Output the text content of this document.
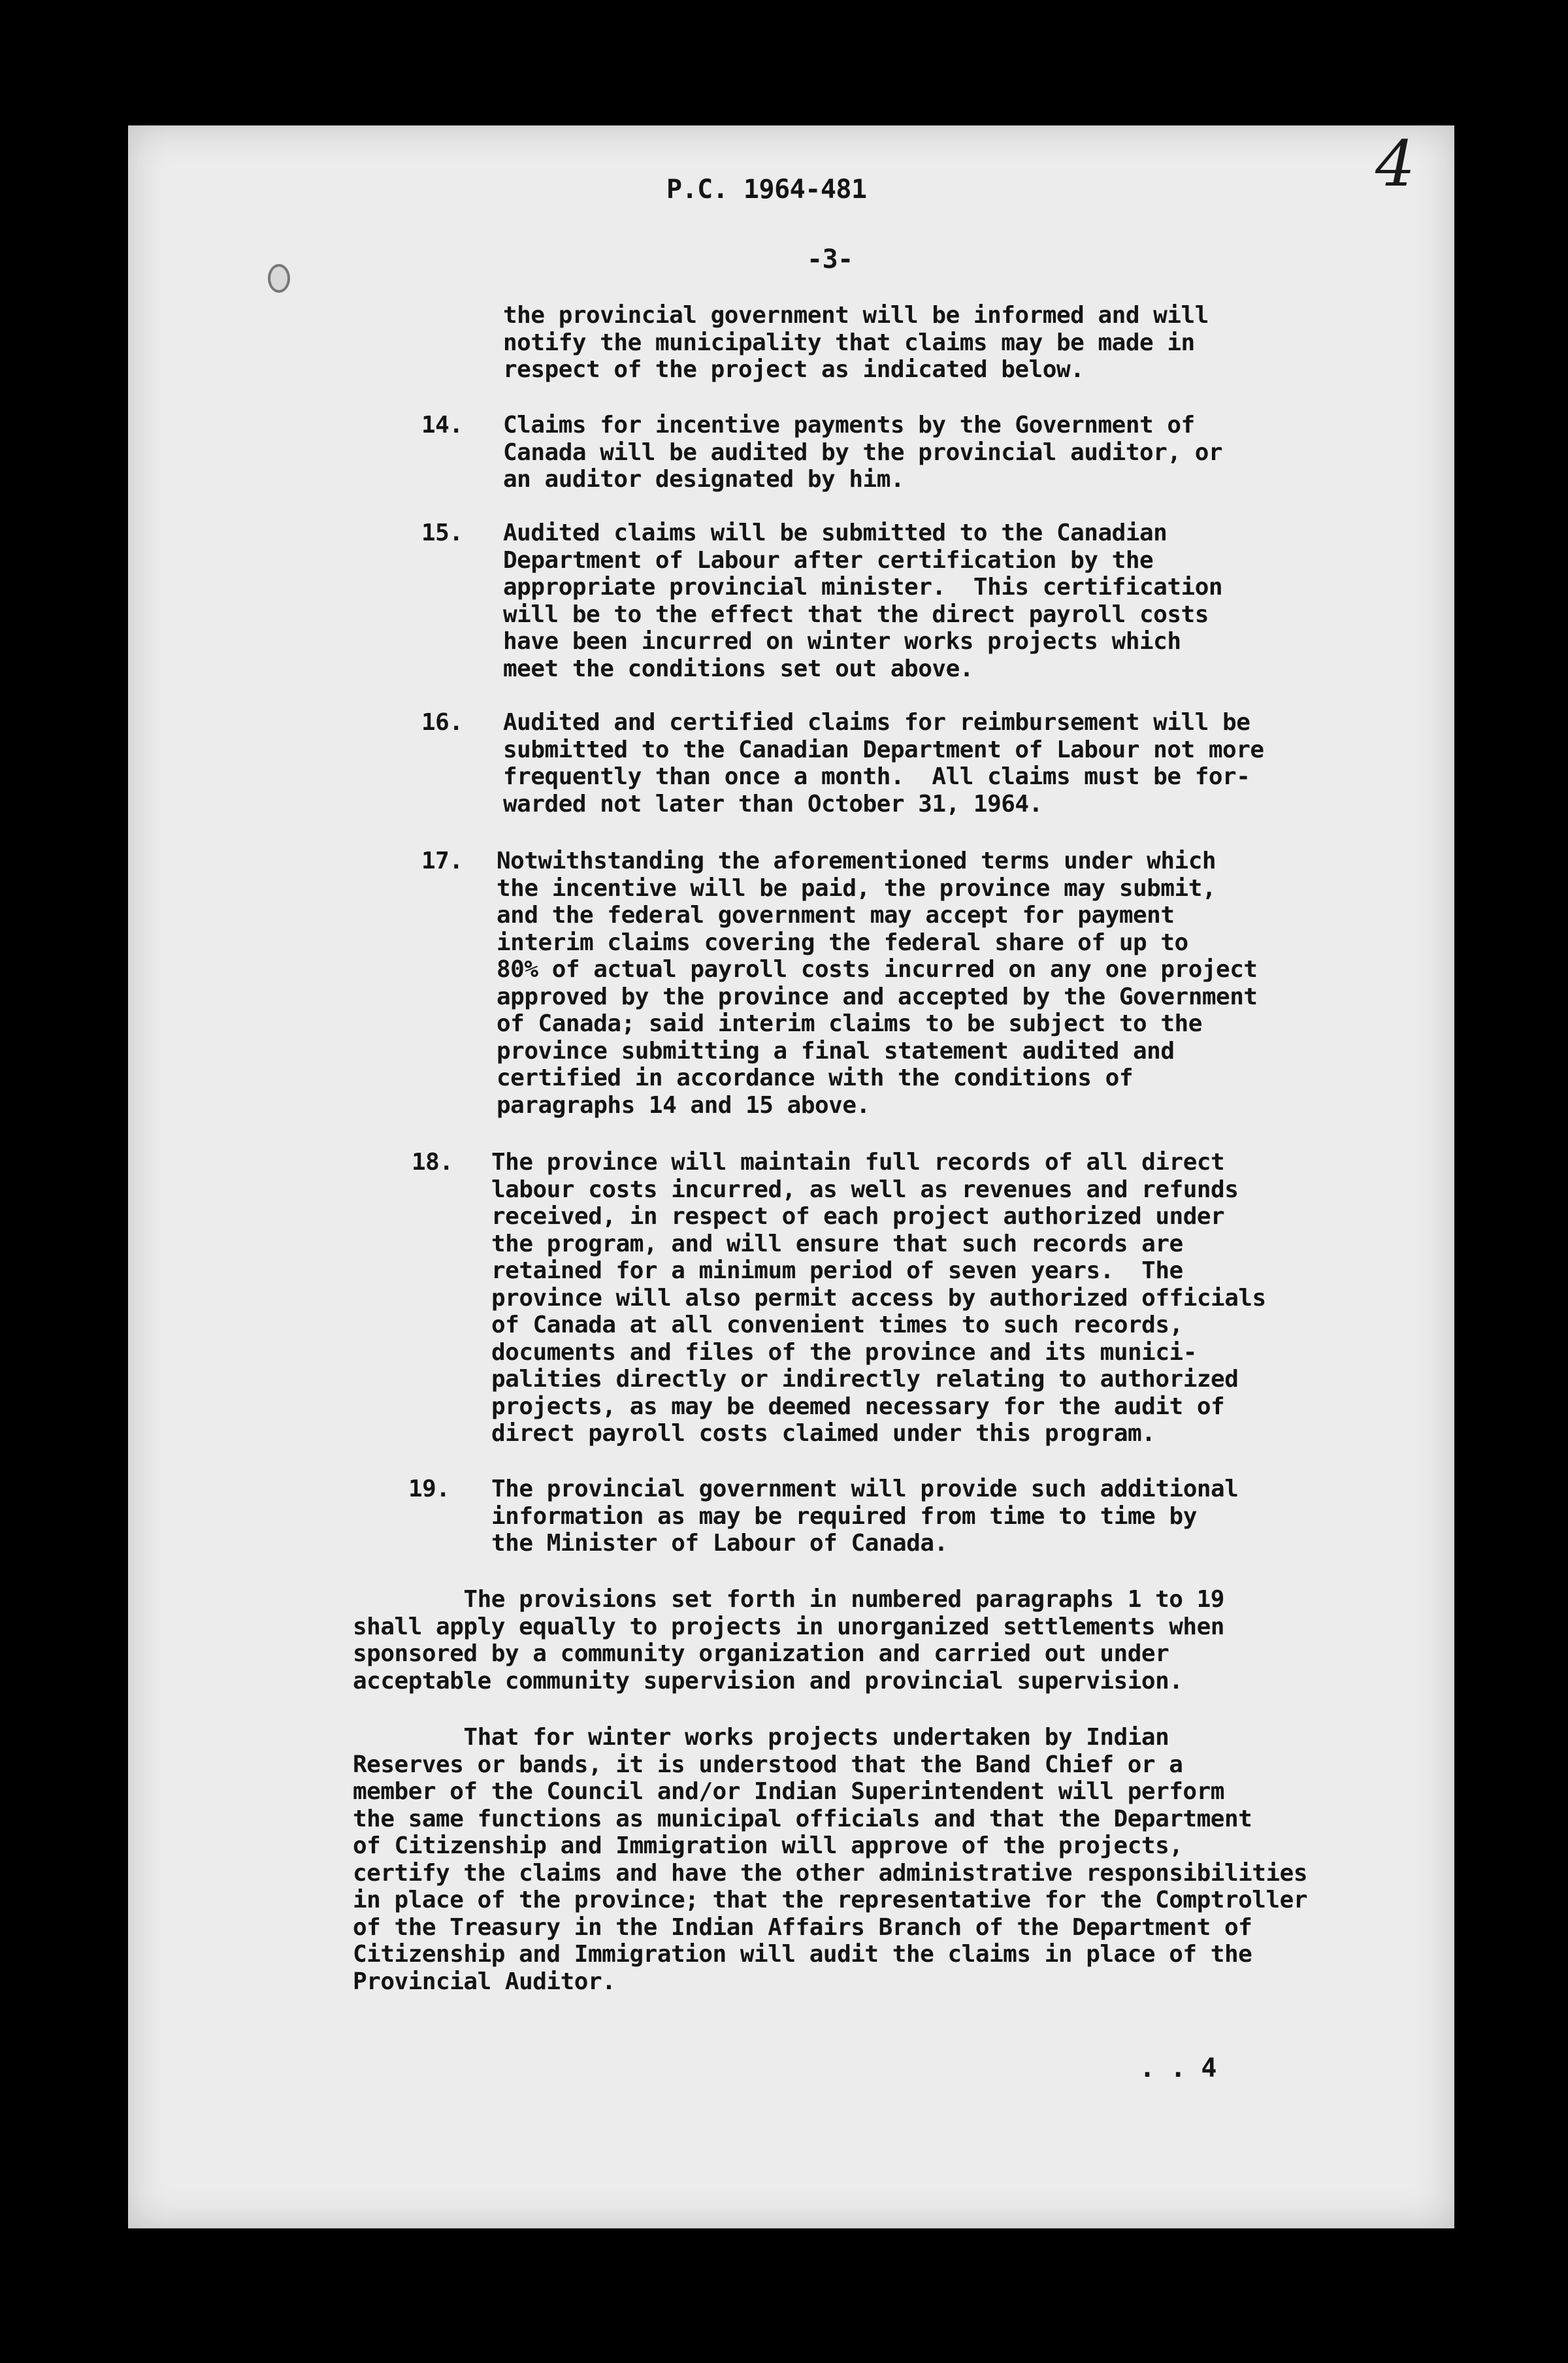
4
P.C. 1964-481
-3-
the provincial government will be informed and will
notify the municipality that claims may be made in
respect of the project as indicated below.
14. Claims for incentive payments by the Government of
Canada will be audited by the provincial auditor, or
an auditor designated by him.
15. Audited claims will be submitted to the Canadian
Department of Labour after certification by the
appropriate provincial minister.  This certification
will be to the effect that the direct payroll costs
have been incurred on winter works projects which
meet the conditions set out above.
16. Audited and certified claims for reimbursement will be
submitted to the Canadian Department of Labour not more
frequently than once a month.  All claims must be for-
warded not later than October 31, 1964.
17. Notwithstanding the aforementioned terms under which
the incentive will be paid, the province may submit,
and the federal government may accept for payment
interim claims covering the federal share of up to
80% of actual payroll costs incurred on any one project
approved by the province and accepted by the Government
of Canada; said interim claims to be subject to the
province submitting a final statement audited and
certified in accordance with the conditions of
paragraphs 14 and 15 above.
18. The province will maintain full records of all direct
labour costs incurred, as well as revenues and refunds
received, in respect of each project authorized under
the program, and will ensure that such records are
retained for a minimum period of seven years.  The
province will also permit access by authorized officials
of Canada at all convenient times to such records,
documents and files of the province and its munici-
palities directly or indirectly relating to authorized
projects, as may be deemed necessary for the audit of
direct payroll costs claimed under this program.
19. The provincial government will provide such additional
information as may be required from time to time by
the Minister of Labour of Canada.
The provisions set forth in numbered paragraphs 1 to 19
shall apply equally to projects in unorganized settlements when
sponsored by a community organization and carried out under
acceptable community supervision and provincial supervision.
That for winter works projects undertaken by Indian
Reserves or bands, it is understood that the Band Chief or a
member of the Council and/or Indian Superintendent will perform
the same functions as municipal officials and that the Department
of Citizenship and Immigration will approve of the projects,
certify the claims and have the other administrative responsibilities
in place of the province; that the representative for the Comptroller
of the Treasury in the Indian Affairs Branch of the Department of
Citizenship and Immigration will audit the claims in place of the
Provincial Auditor.
. . 4
